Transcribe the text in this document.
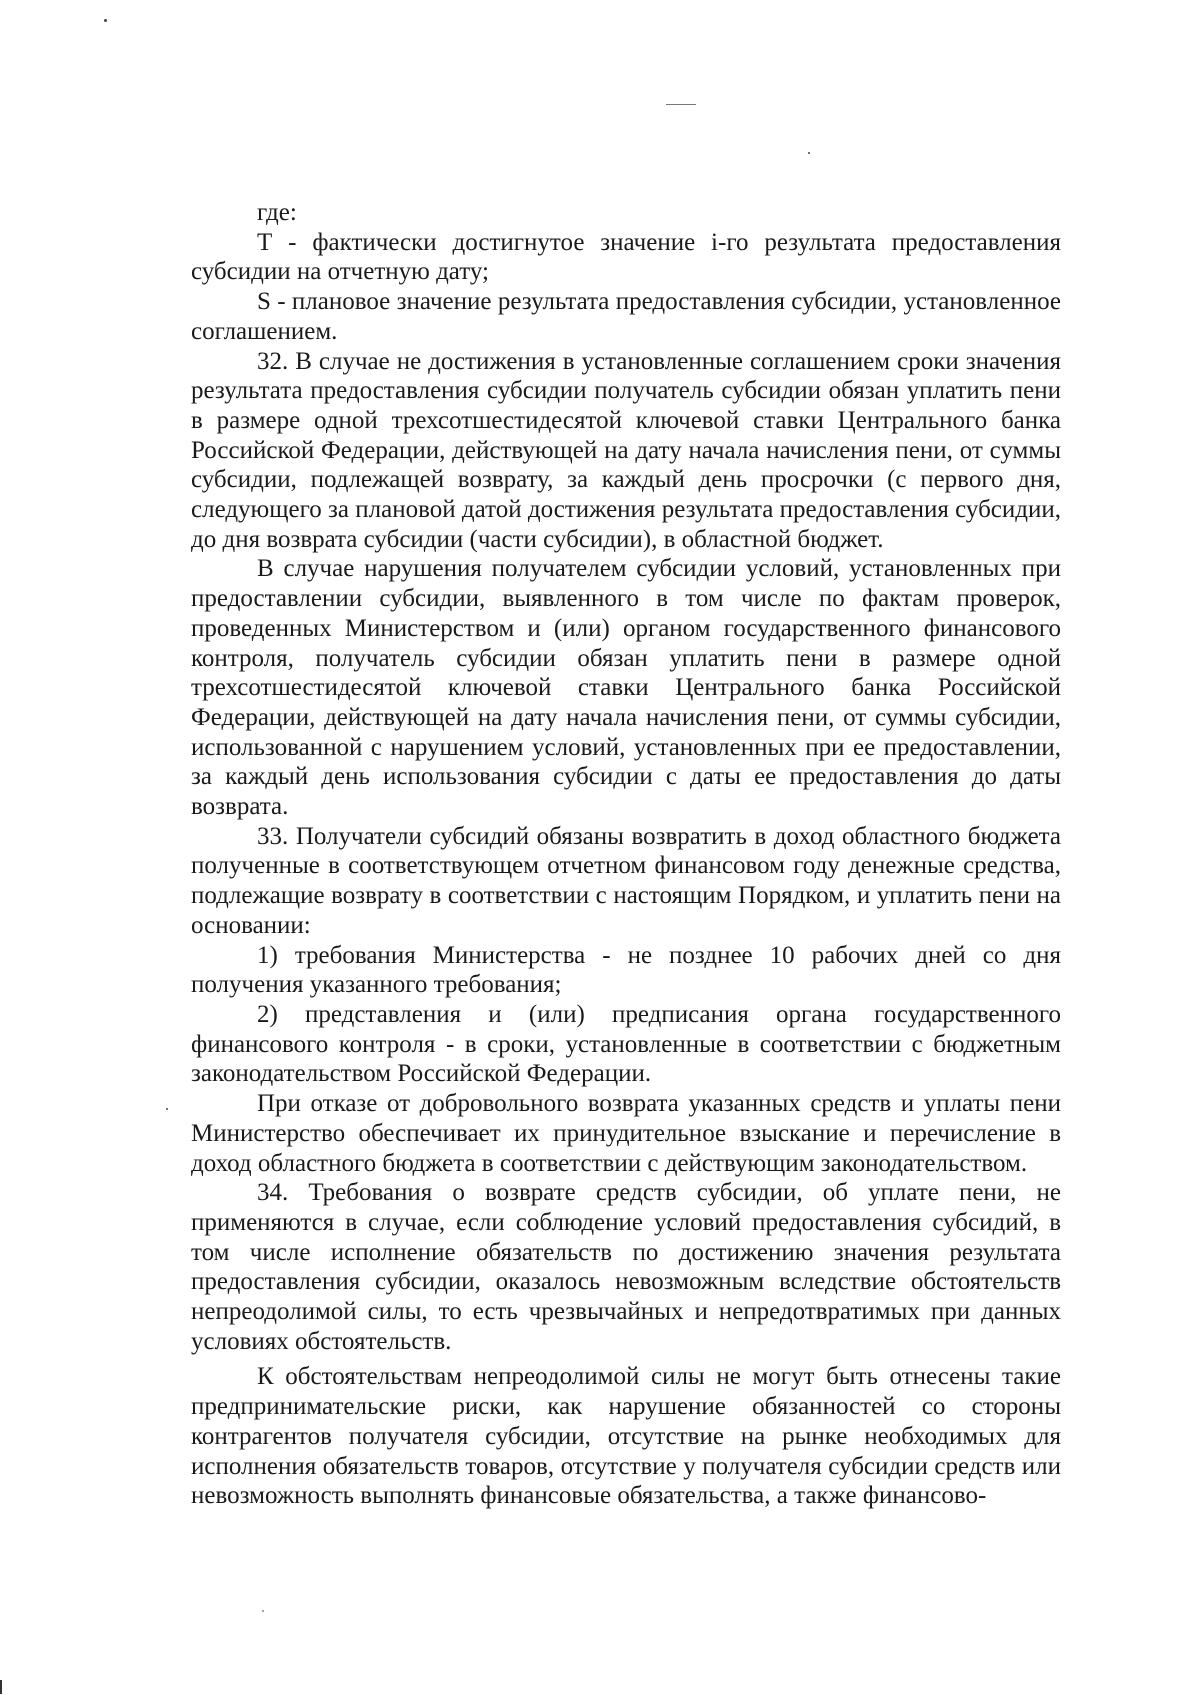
где:

Т - фактически достигнутое значение i-го результата предоставления субсидии на отчетную дату;

S - плановое значение результата предоставления субсидии, установленное соглашением.

32. В случае не достижения в установленные соглашением сроки значения результата предоставления субсидии получатель субсидии обязан уплатить пени в размере одной трехсотшестидесятой ключевой ставки Центрального банка Российской Федерации, действующей на дату начала начисления пени, от суммы субсидии, подлежащей возврату, за каждый день просрочки (с первого дня, следующего за плановой датой достижения результата предоставления субсидии, до дня возврата субсидии (части субсидии), в областной бюджет.

В случае нарушения получателем субсидии условий, установленных при предоставлении субсидии, выявленного в том числе по фактам проверок, проведенных Министерством и (или) органом государственного финансового контроля, получатель субсидии обязан уплатить пени в размере одной трехсотшестидесятой ключевой ставки Центрального банка Российской Федерации, действующей на дату начала начисления пени, от суммы субсидии, использованной с нарушением условий, установленных при ее предоставлении, за каждый день использования субсидии с даты ее предоставления до даты возврата.

33. Получатели субсидий обязаны возвратить в доход областного бюджета полученные в соответствующем отчетном финансовом году денежные средства, подлежащие возврату в соответствии с настоящим Порядком, и уплатить пени на основании:

1) требования Министерства - не позднее 10 рабочих дней со дня получения указанного требования;

2) представления и (или) предписания органа государственного финансового контроля - в сроки, установленные в соответствии с бюджетным законодательством Российской Федерации.

При отказе от добровольного возврата указанных средств и уплаты пени Министерство обеспечивает их принудительное взыскание и перечисление в доход областного бюджета в соответствии с действующим законодательством.

34. Требования о возврате средств субсидии, об уплате пени, не применяются в случае, если соблюдение условий предоставления субсидий, в том числе исполнение обязательств по достижению значения результата предоставления субсидии, оказалось невозможным вследствие обстоятельств непреодолимой силы, то есть чрезвычайных и непредотвратимых при данных условиях обстоятельств.

К обстоятельствам непреодолимой силы не могут быть отнесены такие предпринимательские риски, как нарушение обязанностей со стороны контрагентов получателя субсидии, отсутствие на рынке необходимых для исполнения обязательств товаров, отсутствие у получателя субсидии средств или невозможность выполнять финансовые обязательства, а также финансово-
